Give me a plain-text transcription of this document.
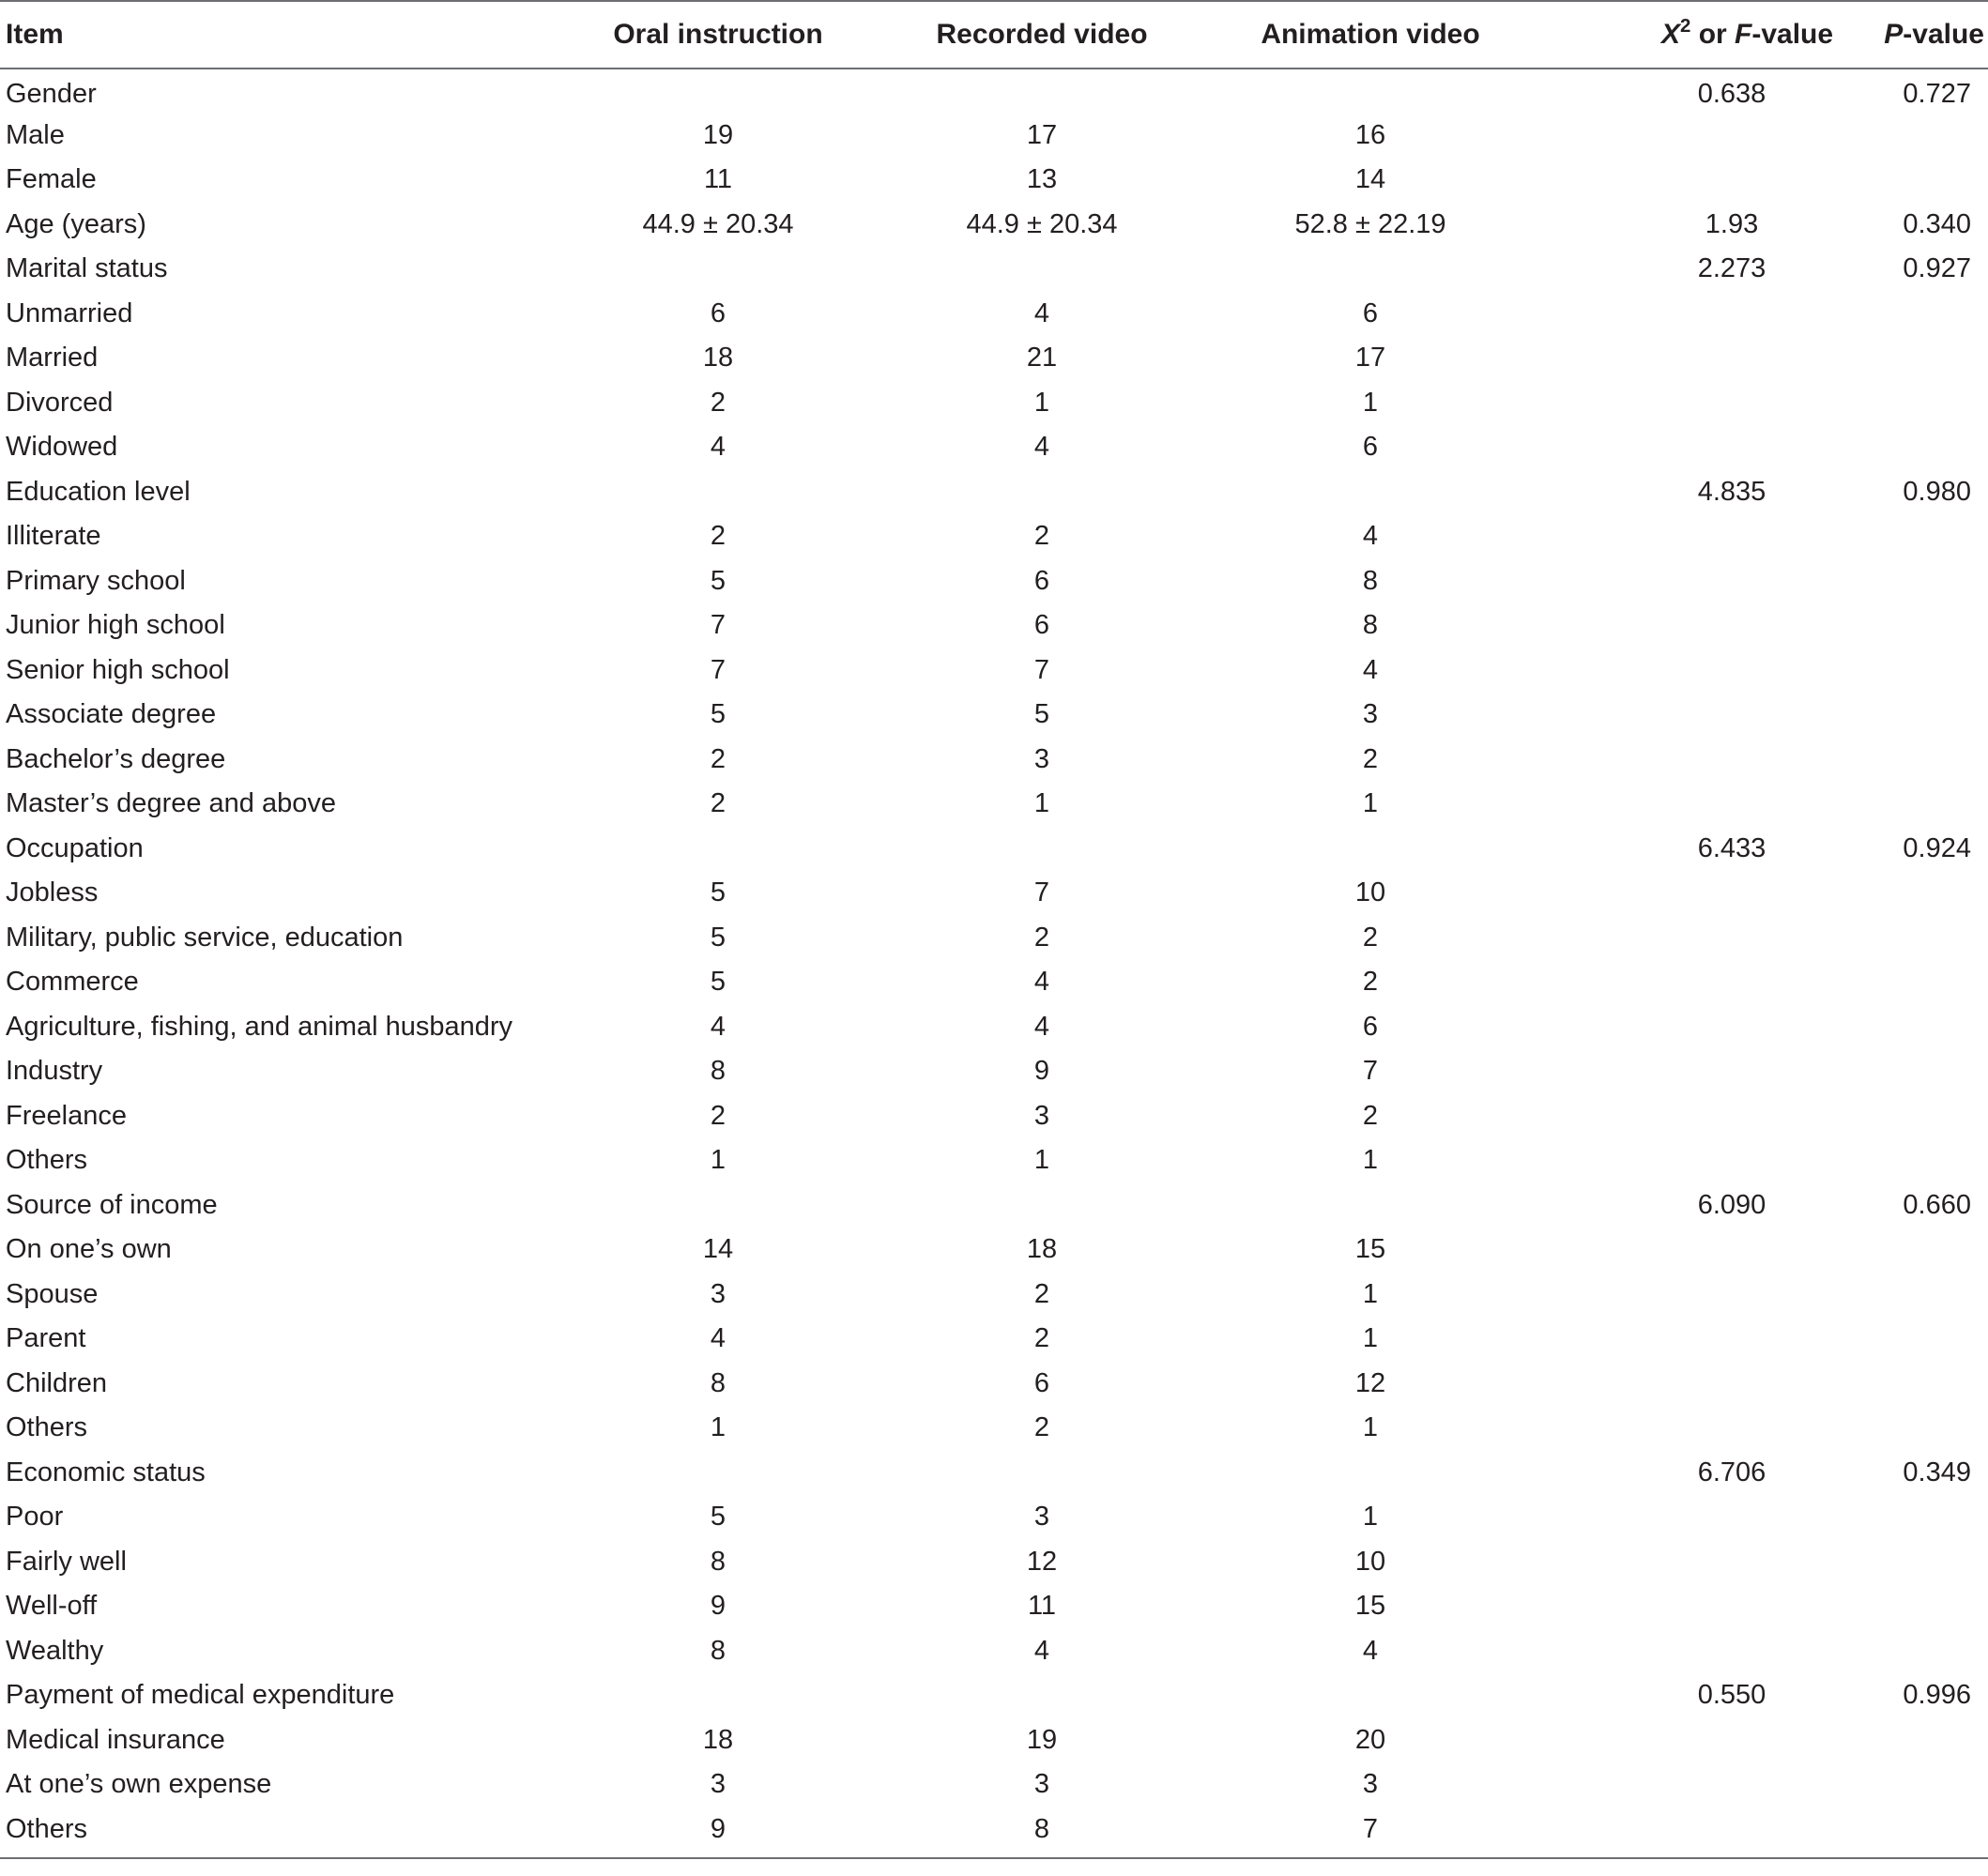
Item	Oral instruction	Recorded video	Animation video	$X^2$ or F-value	P-value
Gender				0.638	0.727
Male	19	17	16		
Female	11	13	14		
Age (years)	44.9 ± 20.34	44.9 ± 20.34	52.8 ± 22.19	1.93	0.340
Marital status				2.273	0.927
Unmarried	6	4	6		
Married	18	21	17		
Divorced	2	1	1		
Widowed	4	4	6		
Education level				4.835	0.980
Illiterate	2	2	4		
Primary school	5	6	8		
Junior high school	7	6	8		
Senior high school	7	7	4		
Associate degree	5	5	3		
Bachelor’s degree	2	3	2		
Master’s degree and above	2	1	1		
Occupation				6.433	0.924
Jobless	5	7	10		
Military, public service, education	5	2	2		
Commerce	5	4	2		
Agriculture, fishing, and animal husbandry	4	4	6		
Industry	8	9	7		
Freelance	2	3	2		
Others	1	1	1		
Source of income				6.090	0.660
On one’s own	14	18	15		
Spouse	3	2	1		
Parent	4	2	1		
Children	8	6	12		
Others	1	2	1		
Economic status				6.706	0.349
Poor	5	3	1		
Fairly well	8	12	10		
Well-off	9	11	15		
Wealthy	8	4	4		
Payment of medical expenditure				0.550	0.996
Medical insurance	18	19	20		
At one’s own expense	3	3	3		
Others	9	8	7		
